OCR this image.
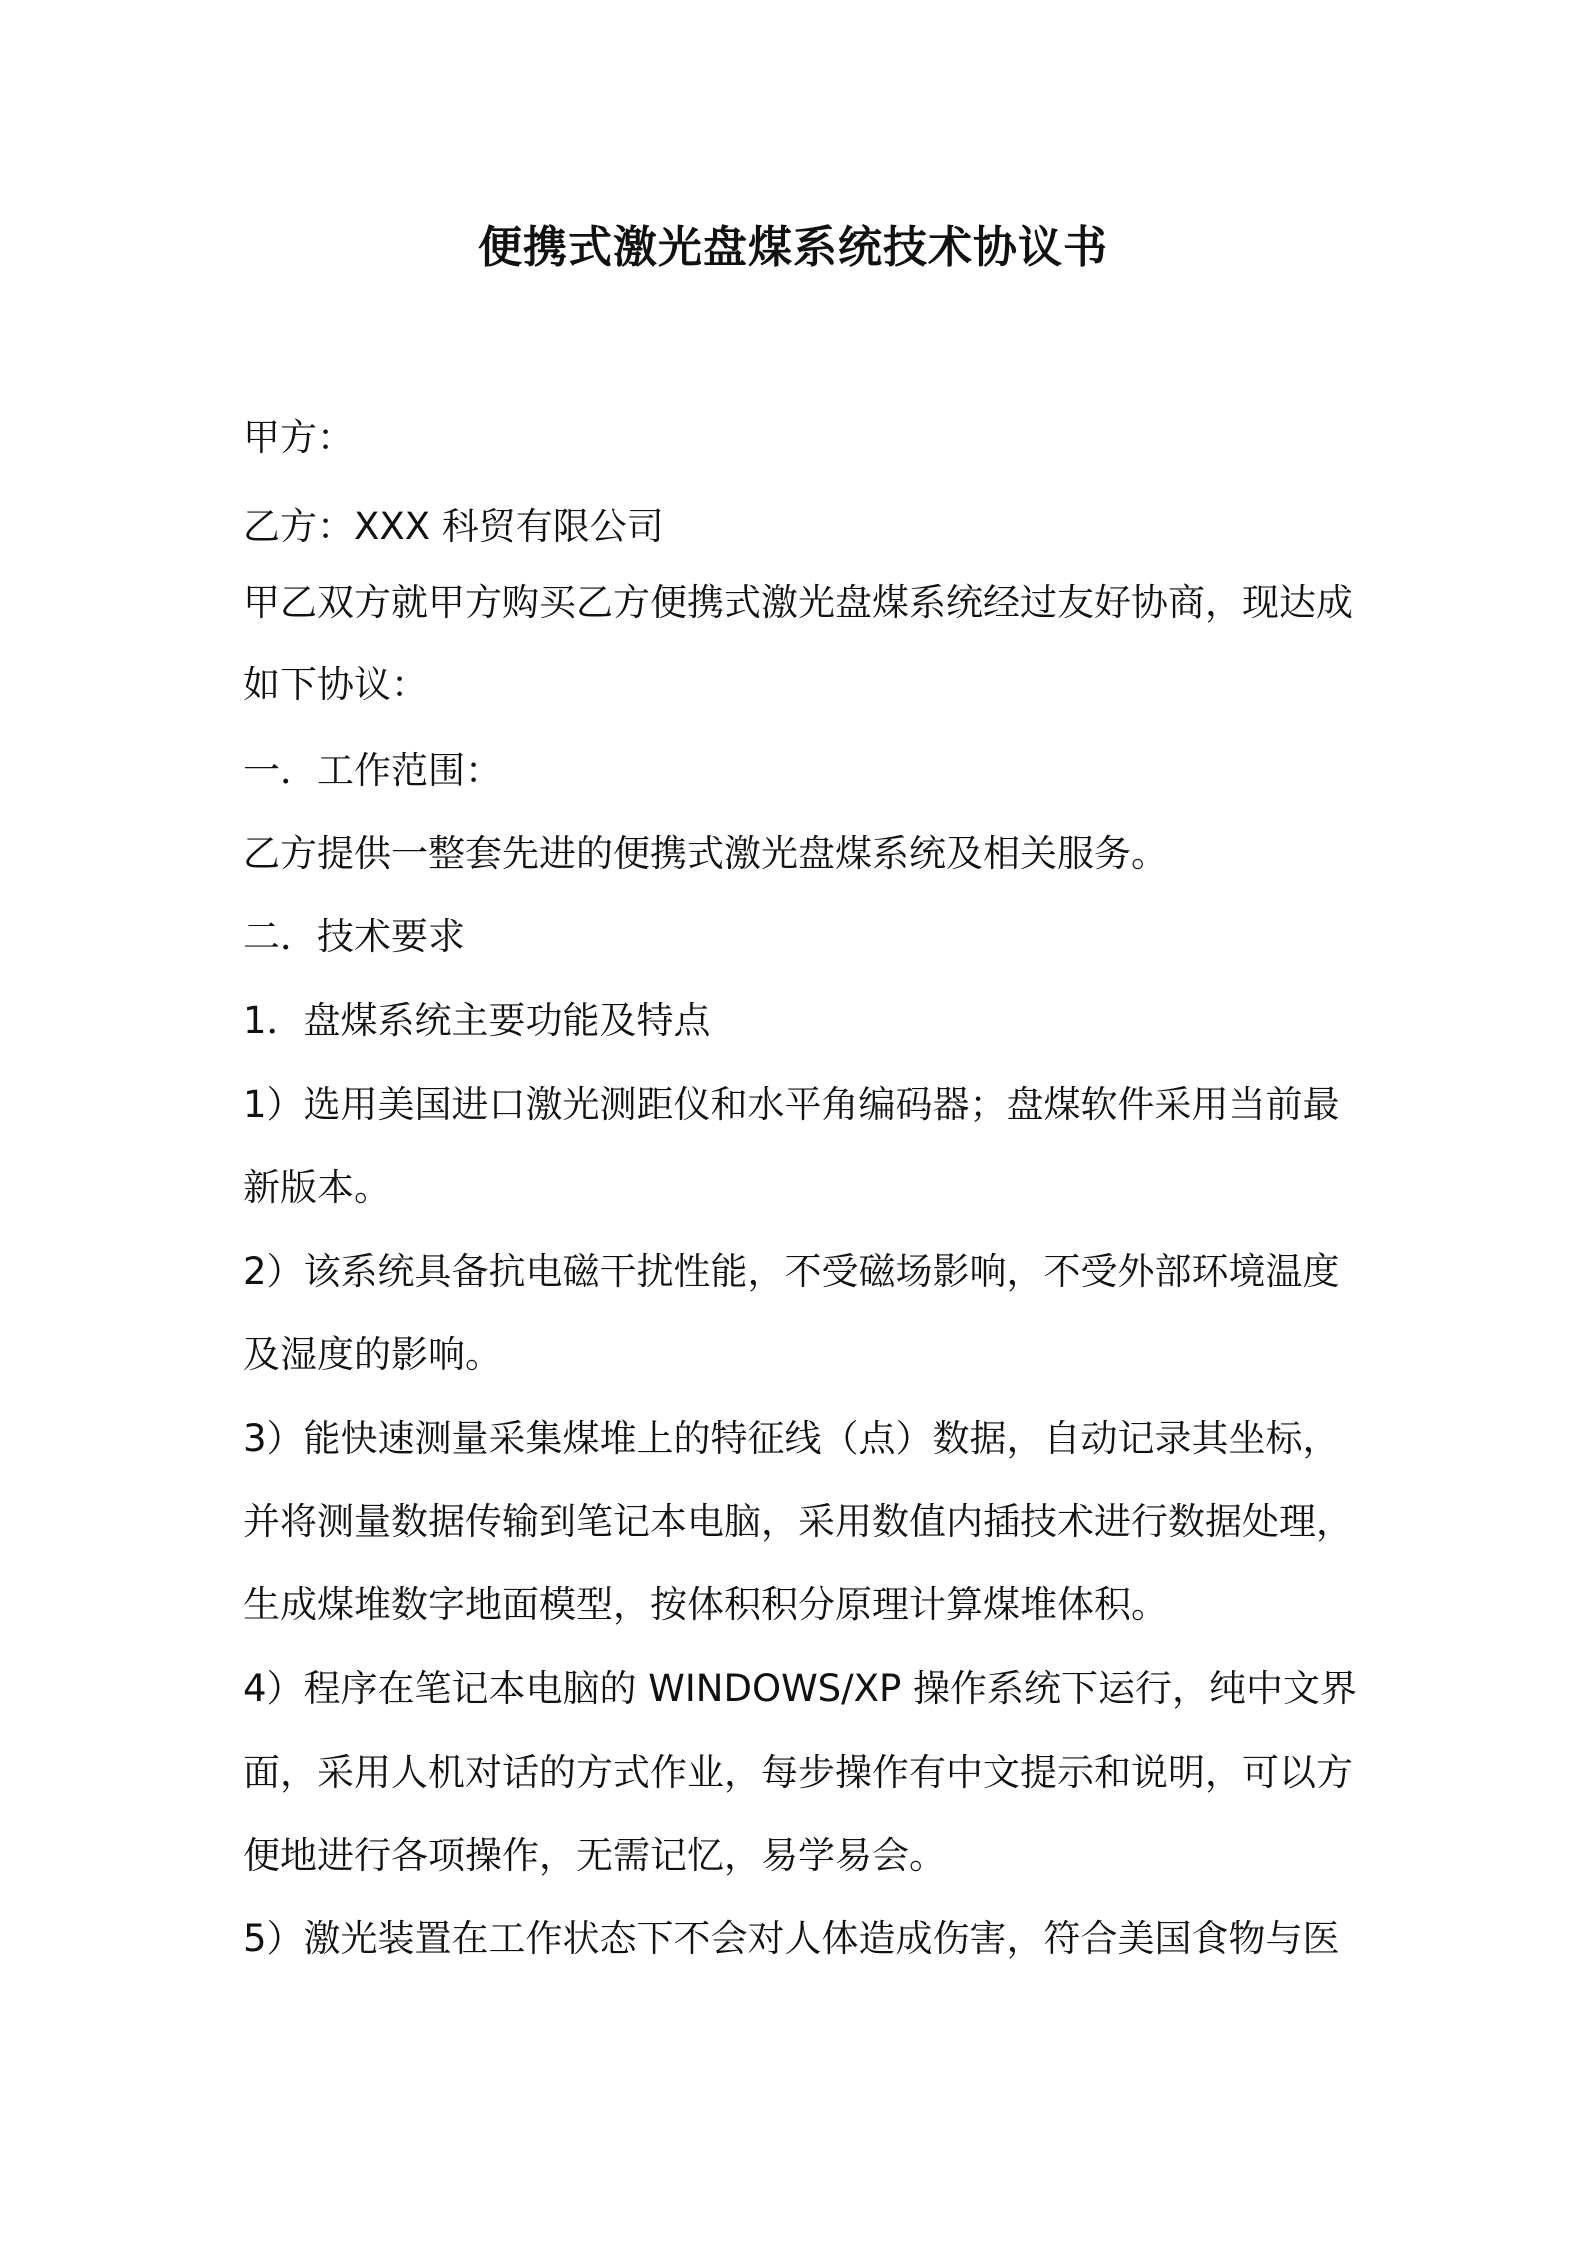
便携式激光盘煤系统技术协议书

甲方：

乙方：XXX 科贸有限公司

甲乙双方就甲方购买乙方便携式激光盘煤系统经过友好协商，现达成

如下协议：

一．工作范围：

乙方提供一整套先进的便携式激光盘煤系统及相关服务。

二．技术要求

1．盘煤系统主要功能及特点

1）选用美国进口激光测距仪和水平角编码器；盘煤软件采用当前最

新版本。

2）该系统具备抗电磁干扰性能，不受磁场影响，不受外部环境温度

及湿度的影响。

3）能快速测量采集煤堆上的特征线（点）数据，自动记录其坐标，

并将测量数据传输到笔记本电脑，采用数值内插技术进行数据处理，

生成煤堆数字地面模型，按体积积分原理计算煤堆体积。

4）程序在笔记本电脑的 WINDOWS/XP 操作系统下运行，纯中文界

面，采用人机对话的方式作业，每步操作有中文提示和说明，可以方

便地进行各项操作，无需记忆，易学易会。

5）激光装置在工作状态下不会对人体造成伤害，符合美国食物与医
